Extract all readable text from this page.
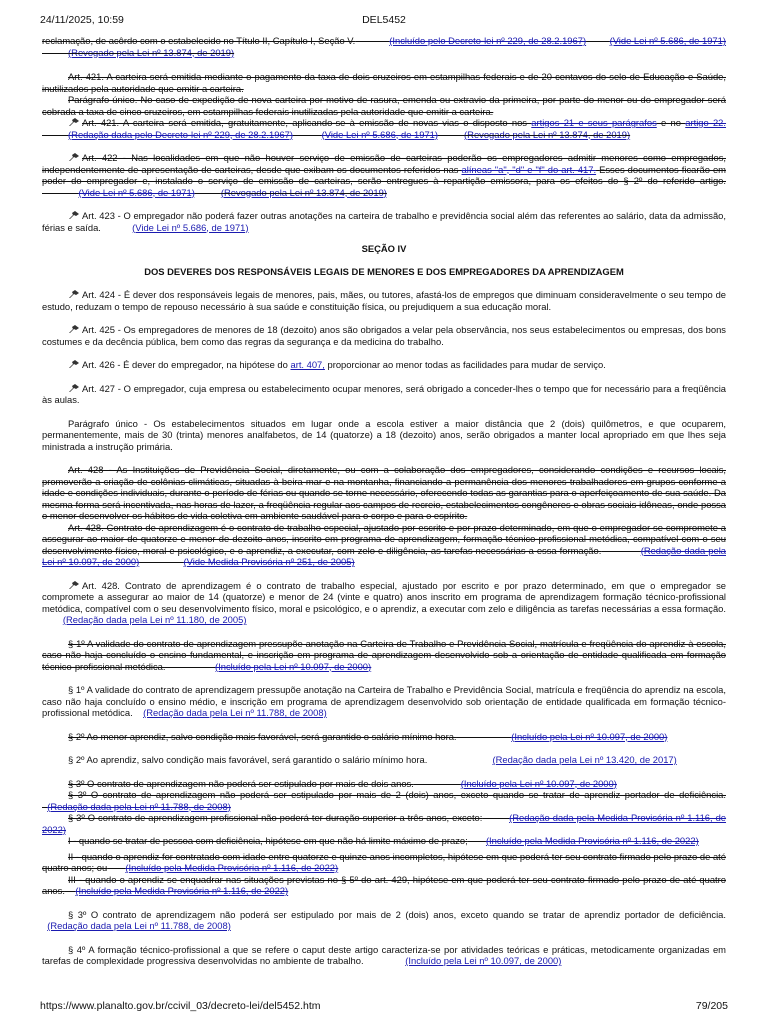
24/11/2025, 10:59	DEL5452

reclamação, de acôrdo com o estabelecido no Título II, Capítulo I, Seção V.	(Incluído pelo Decreto-lei nº 229, de 28.2.1967)	(Vide Lei nº 5.686, de 1971)           (Revogado pela Lei nº 13.874, de 2019)

Art. 421. A carteira será emitida mediante o pagamento da taxa de dois cruzeiros em estampilhas federais e de 20 centavos do selo de Educação e Saúde, inutilizados pela autoridade que emitir a carteira.

Parágrafo único. No caso de expedição de nova carteira por motivo de rasura, emenda ou extravio da primeira, por parte do menor ou do empregador será cobrada a taxa de cinco cruzeiros, em estampilhas federais inutilizadas pela autoridade que emitir a carteira.

Art. 421. A carteira será emitida, gratuitamente, aplicando-se à emissão de novas vias o disposto nos artigos 21 e seus parágrafos e no artigo 22.           (Redação dada pelo Decreto-lei nº 229, de 28.2.1967)	(Vide Lei nº 5.686, de 1971)	(Revogado pela Lei nº 13.874, de 2019)

Art. 422 - Nas localidades em que não houver serviço de emissão de carteiras poderão os empregadores admitir menores como empregados, independentemente de apresentação de carteiras, desde que exibam os documentos referidos nas alíneas "a", "d" e "f" do art. 417. Esses documentos ficarão em poder do empregador e, instalado o serviço de emissão de carteiras, serão entregues à repartição emissora, para os efeitos do § 2º do referido artigo.               (Vide Lei nº 5.686, de 1971)	(Revogado pela Lei nº 13.874, de 2019)

Art. 423 - O empregador não poderá fazer outras anotações na carteira de trabalho e previdência social além das referentes ao salário, data da admissão, férias e saída.	(Vide Lei nº 5.686, de 1971)

SEÇÃO IV

DOS DEVERES DOS RESPONSÁVEIS LEGAIS DE MENORES E DOS EMPREGADORES DA APRENDIZAGEM

Art. 424 - É dever dos responsáveis legais de menores, pais, mães, ou tutores, afastá-los de empregos que diminuam consideravelmente o seu tempo de estudo, reduzam o tempo de repouso necessário à sua saúde e constituição física, ou prejudiquem a sua educação moral.

Art. 425 - Os empregadores de menores de 18 (dezoito) anos são obrigados a velar pela observância, nos seus estabelecimentos ou empresas, dos bons costumes e da decência pública, bem como das regras da segurança e da medicina do trabalho.

Art. 426 - É dever do empregador, na hipótese do art. 407, proporcionar ao menor todas as facilidades para mudar de serviço.

Art. 427 - O empregador, cuja empresa ou estabelecimento ocupar menores, será obrigado a conceder-lhes o tempo que for necessário para a freqüência às aulas.

Parágrafo único - Os estabelecimentos situados em lugar onde a escola estiver a maior distância que 2 (dois) quilômetros, e que ocuparem, permanentemente, mais de 30 (trinta) menores analfabetos, de 14 (quatorze) a 18 (dezoito) anos, serão obrigados a manter local apropriado em que lhes seja ministrada a instrução primária.

Art. 428 - As Instituições de Previdência Social, diretamente, ou com a colaboração dos empregadores, considerando condições e recursos locais, promoverão a criação de colônias climáticas, situadas à beira-mar e na montanha, financiando a permanência dos menores trabalhadores em grupos conforme a idade e condições individuais, durante o período de férias ou quando se torne necessário, oferecendo todas as garantias para o aperfeiçoamento de sua saúde. Da mesma forma será incentivada, nas horas de lazer, a freqüência regular aos campos de recreio, estabelecimentos congêneres e obras sociais idôneas, onde possa o menor desenvolver os hábitos de vida coletiva em ambiente saudável para o corpo e para o espírito.

Art. 428. Contrato de aprendizagem é o contrato de trabalho especial, ajustado por escrito e por prazo determinado, em que o empregador se compromete a assegurar ao maior de quatorze e menor de dezoito anos, inscrito em programa de aprendizagem, formação técnico-profissional metódica, compatível com o seu desenvolvimento físico, moral e psicológico, e o aprendiz, a executar, com zelo e diligência, as tarefas necessárias a essa formação.	(Redação dada pela Lei nº 10.097, de 2000)	(Vide Medida Provisória nº 251, de 2005)

Art. 428. Contrato de aprendizagem é o contrato de trabalho especial, ajustado por escrito e por prazo determinado, em que o empregador se compromete a assegurar ao maior de 14 (quatorze) e menor de 24 (vinte e quatro) anos inscrito em programa de aprendizagem formação técnico-profissional metódica, compatível com o seu desenvolvimento físico, moral e psicológico, e o aprendiz, a executar com zelo e diligência as tarefas necessárias a essa formação.         (Redação dada pela Lei nº 11.180, de 2005)

§ 1º A validade do contrato de aprendizagem pressupõe anotação na Carteira de Trabalho e Previdência Social, matrícula e freqüência do aprendiz à escola, caso não haja concluído o ensino fundamental, e inscrição em programa de aprendizagem desenvolvido sob a orientação de entidade qualificada em formação técnico-profissional metódica.	(Incluído pela Lei nº 10.097, de 2000)

§ 1º A validade do contrato de aprendizagem pressupõe anotação na Carteira de Trabalho e Previdência Social, matrícula e freqüência do aprendiz na escola, caso não haja concluído o ensino médio, e inscrição em programa de aprendizagem desenvolvido sob orientação de entidade qualificada em formação técnico-profissional metódica. (Redação dada pela Lei nº 11.788, de 2008)

§ 2º Ao menor aprendiz, salvo condição mais favorável, será garantido o salário mínimo hora.	(Incluído pela Lei nº 10.097, de 2000)

§ 2º Ao aprendiz, salvo condição mais favorável, será garantido o salário mínimo hora.	(Redação dada pela Lei nº 13.420, de 2017)

§ 3º O contrato de aprendizagem não poderá ser estipulado por mais de dois anos.	(Incluído pela Lei nº 10.097, de 2000)

§ 3º O contrato de aprendizagem não poderá ser estipulado por mais de 2 (dois) anos, exceto quando se tratar de aprendiz portador de deficiência.   (Redação dada pela Lei nº 11.788, de 2008)

§ 3º O contrato de aprendizagem profissional não poderá ter duração superior a três anos, exceto:	(Redação dada pela Medida Provisória nº 1.116, de 2022)

I - quando se tratar de pessoa com deficiência, hipótese em que não há limite máximo de prazo; (Incluído pela Medida Provisória nº 1.116, de 2022)

II - quando o aprendiz for contratado com idade entre quatorze e quinze anos incompletos, hipótese em que poderá ter seu contrato firmado pelo prazo de até quatro anos; ou (Incluído pela Medida Provisória nº 1.116, de 2022)

III - quando o aprendiz se enquadrar nas situações previstas no § 5º do art. 429, hipótese em que poderá ter seu contrato firmado pelo prazo de até quatro anos. (Incluído pela Medida Provisória nº 1.116, de 2022)

§ 3º O contrato de aprendizagem não poderá ser estipulado por mais de 2 (dois) anos, exceto quando se tratar de aprendiz portador de deficiência.   (Redação dada pela Lei nº 11.788, de 2008)

§ 4º A formação técnico-profissional a que se refere o caput deste artigo caracteriza-se por atividades teóricas e práticas, metodicamente organizadas em tarefas de complexidade progressiva desenvolvidas no ambiente de trabalho.	(Incluído pela Lei nº 10.097, de 2000)

https://www.planalto.gov.br/ccivil_03/decreto-lei/del5452.htm	79/205
